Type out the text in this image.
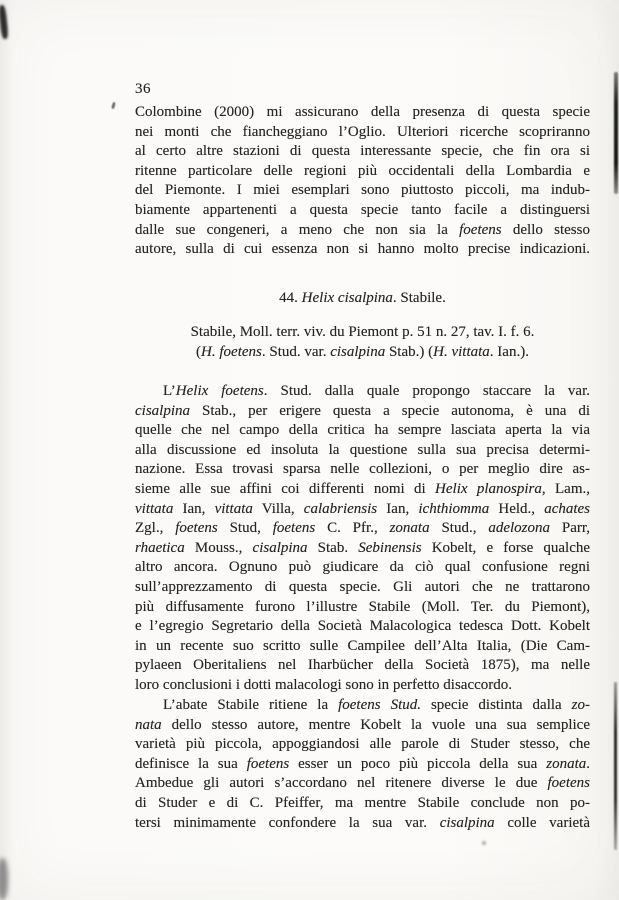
36
Colombine (2000) mi assicurano della presenza di questa specie
nei monti che fiancheggiano l’Oglio. Ulteriori ricerche scopriranno
al certo altre stazioni di questa interessante specie, che fin ora si
ritenne particolare delle regioni più occidentali della Lombardia e
del Piemonte. I miei esemplari sono piuttosto piccoli, ma indub-
biamente appartenenti a questa specie tanto facile a distinguersi
dalle sue congeneri, a meno che non sia la foetens dello stesso
autore, sulla di cui essenza non si hanno molto precise indicazioni.
44. Helix cisalpina. Stabile.
Stabile, Moll. terr. viv. du Piemont p. 51 n. 27, tav. I. f. 6.
(H. foetens. Stud. var. cisalpina Stab.) (H. vittata. Ian.).
L’Helix foetens. Stud. dalla quale propongo staccare la var.
cisalpina Stab., per erigere questa a specie autonoma, è una di
quelle che nel campo della critica ha sempre lasciata aperta la via
alla discussione ed insoluta la questione sulla sua precisa determi-
nazione. Essa trovasi sparsa nelle collezioni, o per meglio dire as-
sieme alle sue affini coi differenti nomi di Helix planospira, Lam.,
vittata Ian, vittata Villa, calabriensis Ian, ichthiomma Held., achates
Zgl., foetens Stud, foetens C. Pfr., zonata Stud., adelozona Parr,
rhaetica Mouss., cisalpina Stab. Sebinensis Kobelt, e forse qualche
altro ancora. Ognuno può giudicare da ciò qual confusione regni
sull’apprezzamento di questa specie. Gli autori che ne trattarono
più diffusamente furono l’illustre Stabile (Moll. Ter. du Piemont),
e l’egregio Segretario della Società Malacologica tedesca Dott. Kobelt
in un recente suo scritto sulle Campilee dell’Alta Italia, (Die Cam-
pylaeen Oberitaliens nel Iharbücher della Società 1875), ma nelle
loro conclusioni i dotti malacologi sono in perfetto disaccordo.
L’abate Stabile ritiene la foetens Stud. specie distinta dalla zo-
nata dello stesso autore, mentre Kobelt la vuole una sua semplice
varietà più piccola, appoggiandosi alle parole di Studer stesso, che
definisce la sua foetens esser un poco più piccola della sua zonata.
Ambedue gli autori s’accordano nel ritenere diverse le due foetens
di Studer e di C. Pfeiffer, ma mentre Stabile conclude non po-
tersi minimamente confondere la sua var. cisalpina colle varietà
